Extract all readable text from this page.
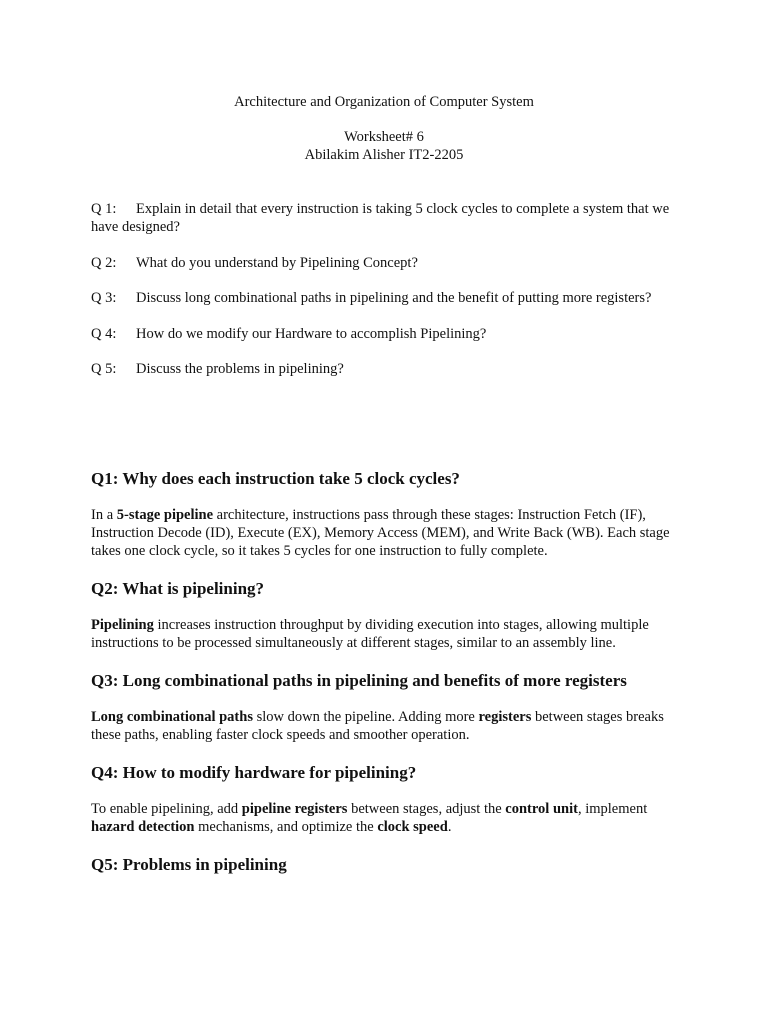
Architecture and Organization of Computer System
Worksheet# 6
Abilakim Alisher IT2-2205
Q 1: Explain in detail that every instruction is taking 5 clock cycles to complete a system that we have designed?
Q 2: What do you understand by Pipelining Concept?
Q 3: Discuss long combinational paths in pipelining and the benefit of putting more registers?
Q 4: How do we modify our Hardware to accomplish Pipelining?
Q 5: Discuss the problems in pipelining?
Q1: Why does each instruction take 5 clock cycles?

In a 5-stage pipeline architecture, instructions pass through these stages: Instruction Fetch (IF), Instruction Decode (ID), Execute (EX), Memory Access (MEM), and Write Back (WB). Each stage takes one clock cycle, so it takes 5 cycles for one instruction to fully complete.

Q2: What is pipelining?

Pipelining increases instruction throughput by dividing execution into stages, allowing multiple instructions to be processed simultaneously at different stages, similar to an assembly line.

Q3: Long combinational paths in pipelining and benefits of more registers

Long combinational paths slow down the pipeline. Adding more registers between stages breaks these paths, enabling faster clock speeds and smoother operation.

Q4: How to modify hardware for pipelining?

To enable pipelining, add pipeline registers between stages, adjust the control unit, implement hazard detection mechanisms, and optimize the clock speed.

Q5: Problems in pipelining
